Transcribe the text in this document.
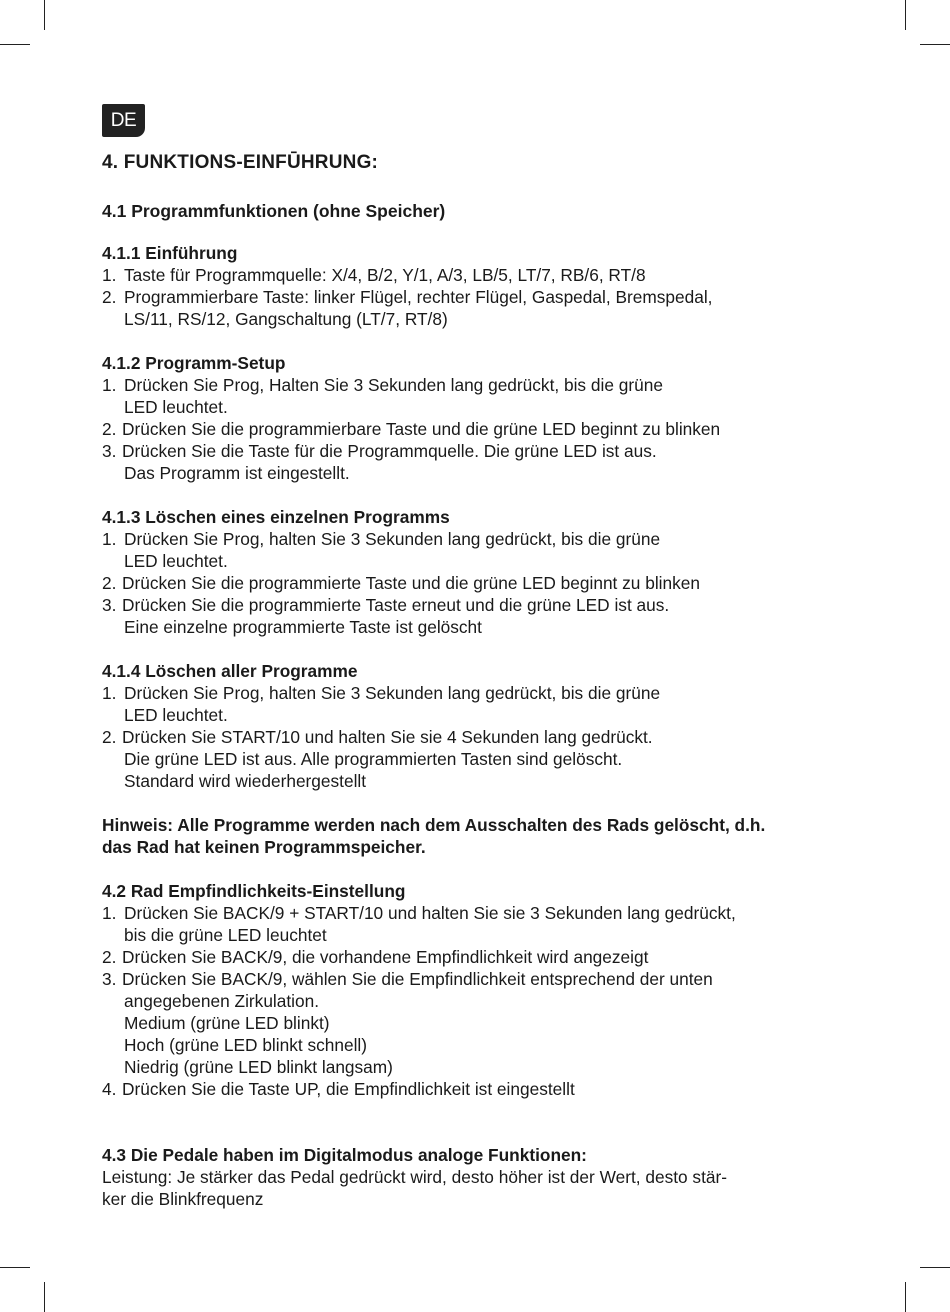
DE
4. FUNKTIONS-EINFŪHRUNG:
4.1 Programmfunktionen (ohne Speicher)

4.1.1 Einführung

1. Taste für Programmquelle: X/4, B/2, Y/1, A/3, LB/5, LT/7, RB/6, RT/8
2. Programmierbare Taste: linker Flügel, rechter Flügel, Gaspedal, Bremspedal,
LS/11, RS/12, Gangschaltung (LT/7, RT/8)

4.1.2 Programm-Setup

1. Drücken Sie Prog, Halten Sie 3 Sekunden lang gedrückt, bis die grüne
LED leuchtet.
2. Drücken Sie die programmierbare Taste und die grüne LED beginnt zu blinken
3. Drücken Sie die Taste für die Programmquelle. Die grüne LED ist aus.
Das Programm ist eingestellt.

4.1.3 Löschen eines einzelnen Programms

1. Drücken Sie Prog, halten Sie 3 Sekunden lang gedrückt, bis die grüne
LED leuchtet.
2. Drücken Sie die programmierte Taste und die grüne LED beginnt zu blinken
3. Drücken Sie die programmierte Taste erneut und die grüne LED ist aus.
Eine einzelne programmierte Taste ist gelöscht

4.1.4 Löschen aller Programme

1. Drücken Sie Prog, halten Sie 3 Sekunden lang gedrückt, bis die grüne
LED leuchtet.
2. Drücken Sie START/10 und halten Sie sie 4 Sekunden lang gedrückt.
Die grüne LED ist aus. Alle programmierten Tasten sind gelöscht.
Standard wird wiederhergestellt

Hinweis: Alle Programme werden nach dem Ausschalten des Rads gelöscht, d.h.

das Rad hat keinen Programmspeicher.

4.2 Rad Empfindlichkeits-Einstellung

1. Drücken Sie BACK/9 + START/10 und halten Sie sie 3 Sekunden lang gedrückt,
bis die grüne LED leuchtet
2. Drücken Sie BACK/9, die vorhandene Empfindlichkeit wird angezeigt
3. Drücken Sie BACK/9, wählen Sie die Empfindlichkeit entsprechend der unten
angegebenen Zirkulation.
Medium (grüne LED blinkt)
Hoch (grüne LED blinkt schnell)
Niedrig (grüne LED blinkt langsam)
4. Drücken Sie die Taste UP, die Empfindlichkeit ist eingestellt

4.3 Die Pedale haben im Digitalmodus analoge Funktionen:

Leistung: Je stärker das Pedal gedrückt wird, desto höher ist der Wert, desto stär-

ker die Blinkfrequenz
